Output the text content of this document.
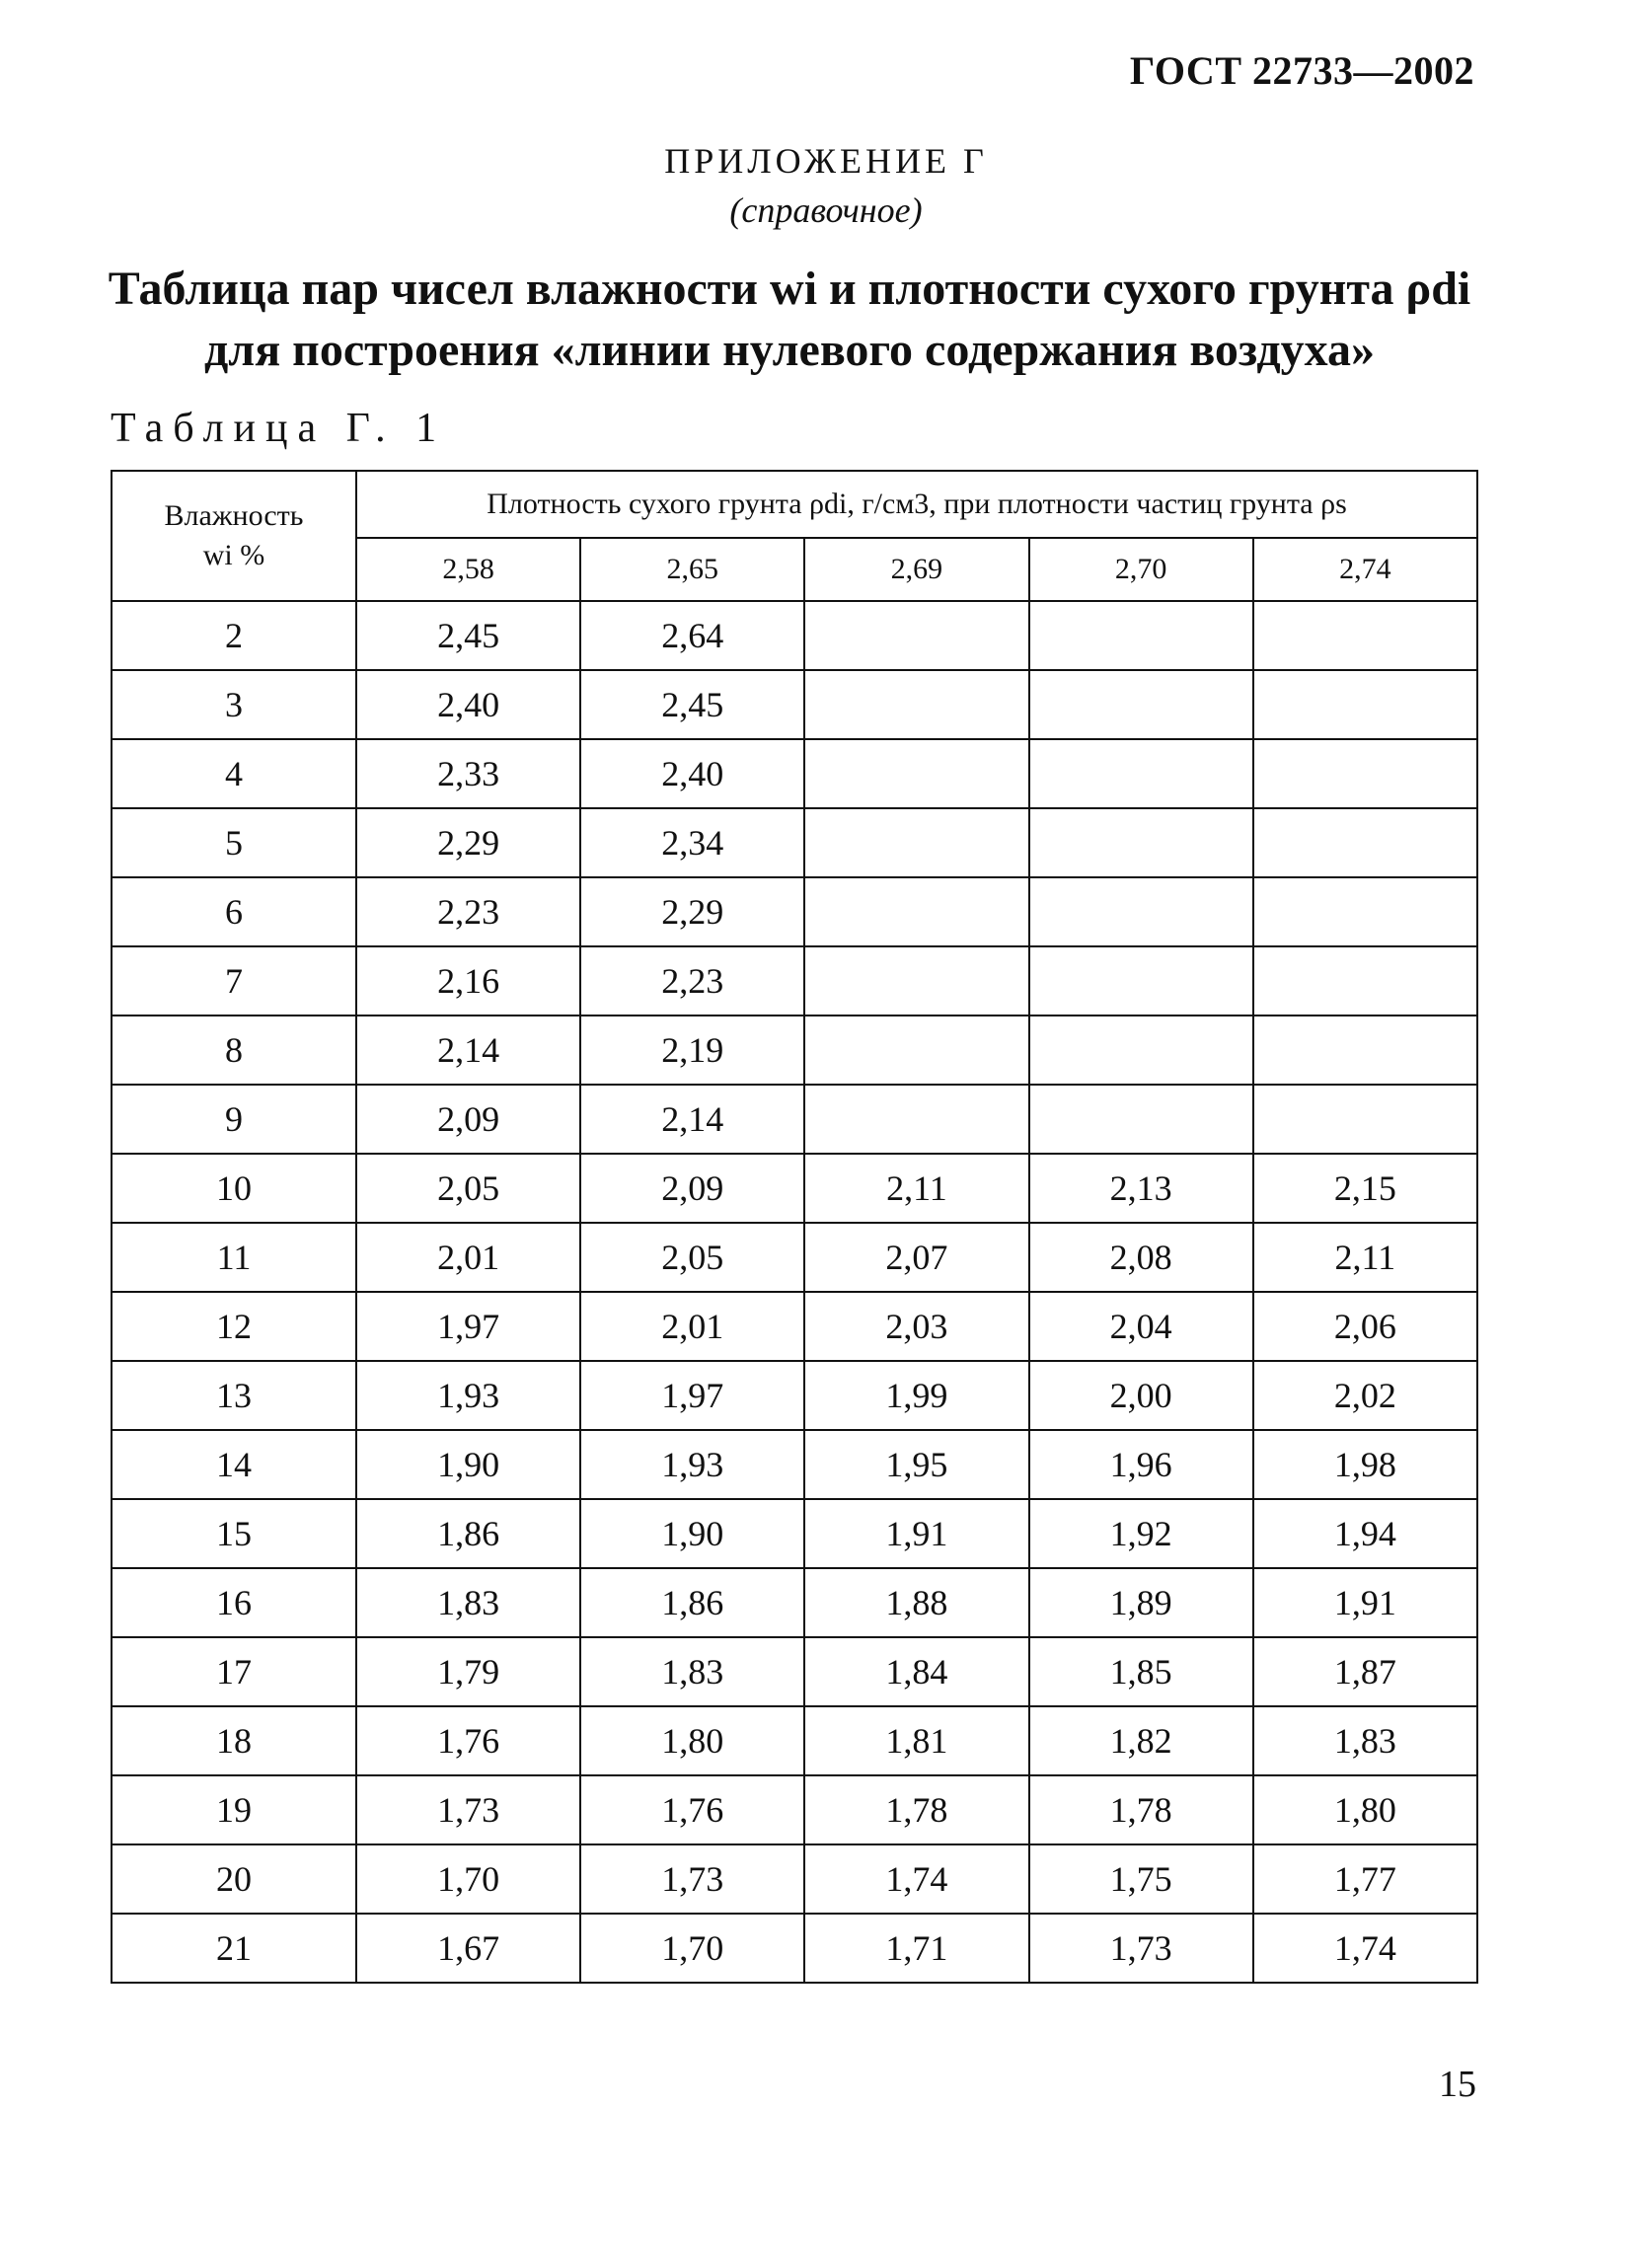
ГОСТ 22733—2002
ПРИЛОЖЕНИЕ Г
(справочное)
Таблица пар чисел влажности wi и плотности сухого грунта ρdi
для построения «линии нулевого содержания воздуха»
Таблица Г. 1
Влажность
wi %	Плотность сухого грунта ρdi, г/см3, при плотности частиц грунта ρs				
	2,58	2,65	2,69	2,70	2,74
2	2,45	2,64			
3	2,40	2,45			
4	2,33	2,40			
5	2,29	2,34			
6	2,23	2,29			
7	2,16	2,23			
8	2,14	2,19			
9	2,09	2,14			
10	2,05	2,09	2,11	2,13	2,15
11	2,01	2,05	2,07	2,08	2,11
12	1,97	2,01	2,03	2,04	2,06
13	1,93	1,97	1,99	2,00	2,02
14	1,90	1,93	1,95	1,96	1,98
15	1,86	1,90	1,91	1,92	1,94
16	1,83	1,86	1,88	1,89	1,91
17	1,79	1,83	1,84	1,85	1,87
18	1,76	1,80	1,81	1,82	1,83
19	1,73	1,76	1,78	1,78	1,80
20	1,70	1,73	1,74	1,75	1,77
21	1,67	1,70	1,71	1,73	1,74
15
